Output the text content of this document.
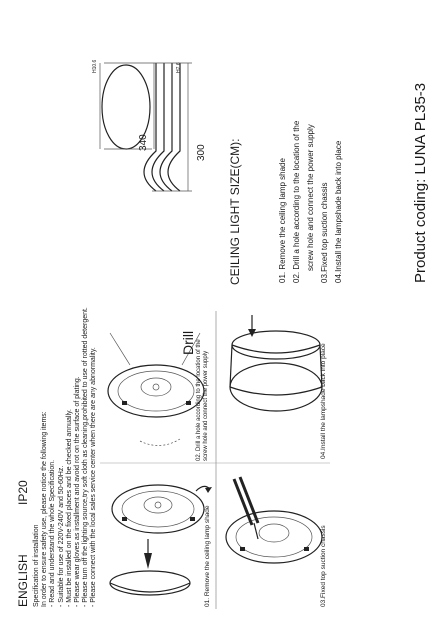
ENGLISH
IP20
Specification of installation In order to ensure safety use, please notice the following items: - Read and understand the whole Specification. - Suitable for use of 220V-240V and 50-60Hz. - Must be installed on the fixed places and be checked annually. - Please wear gloves as installment and avoid rot on the surface of plating. - Please turn off the lighting source,try soft cloth as cleaning,prohibited to use of rotted detergent. - Please connect with the local sales service center when there are any abnormality.	01. Remove the ceiling lamp shade
Drill 02. Drill a hole according to the location of the screw hole and connect the power supply
03.Fixed top suction chassis
04.Install the lampshade back into place
H10.6
340
H7.6
300 CEILING LIGHT SIZE(CM):	01. Remove the ceiling lamp shade 02. Drill a hole according to the location of the screw hole and connect the power supply 03.Fixed top suction chassis 04.Install the lampshade back into place	Product coding: LUNA PL35-3
